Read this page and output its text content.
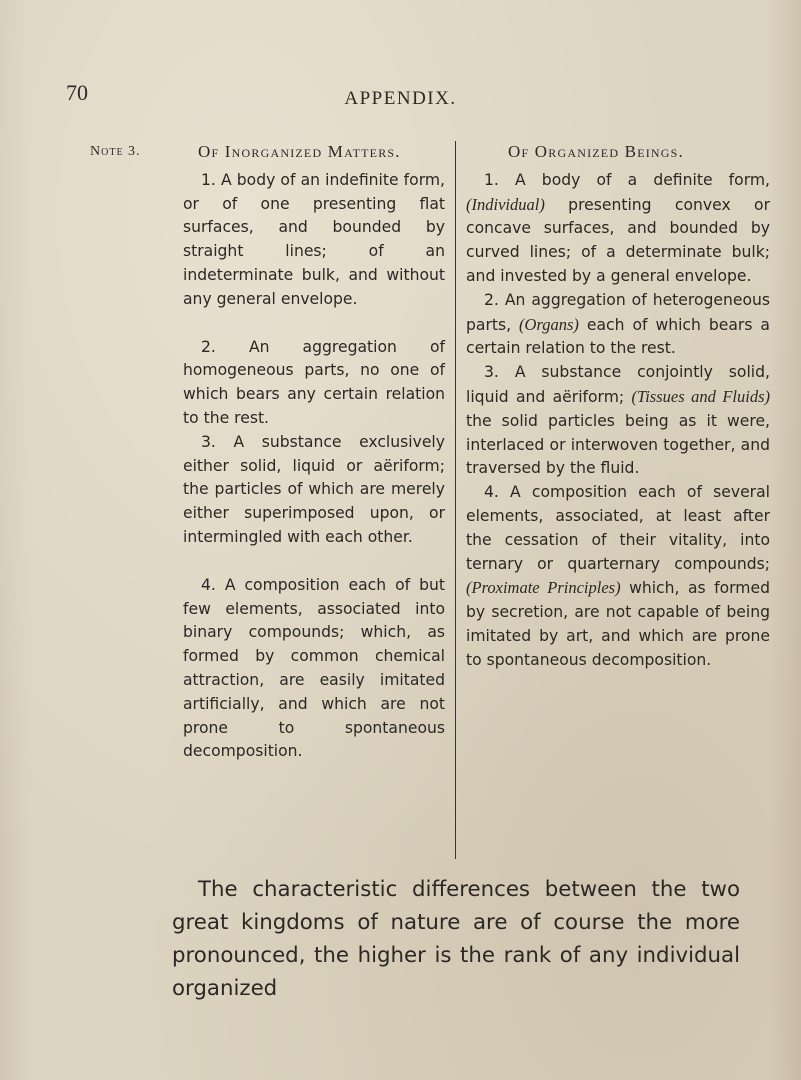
70	APPENDIX.
Note 3.	Of Inorganized Matters.

1. A body of an indefinite form, or of one presenting flat surfaces, and bounded by straight lines; of an indeterminate bulk, and without any general envelope.

2. An aggregation of homogeneous parts, no one of which bears any certain relation to the rest.

3. A substance exclusively either solid, liquid or aëriform; the particles of which are merely either superimposed upon, or intermingled with each other.

4. A composition each of but few elements, associated into binary compounds; which, as formed by common chemical attraction, are easily imitated artificially, and which are not prone to spontaneous decomposition.

Of Organized Beings.

1. A body of a definite form, (Individual) presenting convex or concave surfaces, and bounded by curved lines; of a determinate bulk; and invested by a general envelope.

2. An aggregation of heterogeneous parts, (Organs) each of which bears a certain relation to the rest.

3. A substance conjointly solid, liquid and aëriform; (Tissues and Fluids) the solid particles being as it were, interlaced or interwoven together, and traversed by the fluid.

4. A composition each of several elements, associated, at least after the cessation of their vitality, into ternary or quarternary compounds; (Proximate Principles) which, as formed by secretion, are not capable of being imitated by art, and which are prone to spontaneous decomposition.

The characteristic differences between the two great kingdoms of nature are of course the more pronounced, the higher is the rank of any individual organized
